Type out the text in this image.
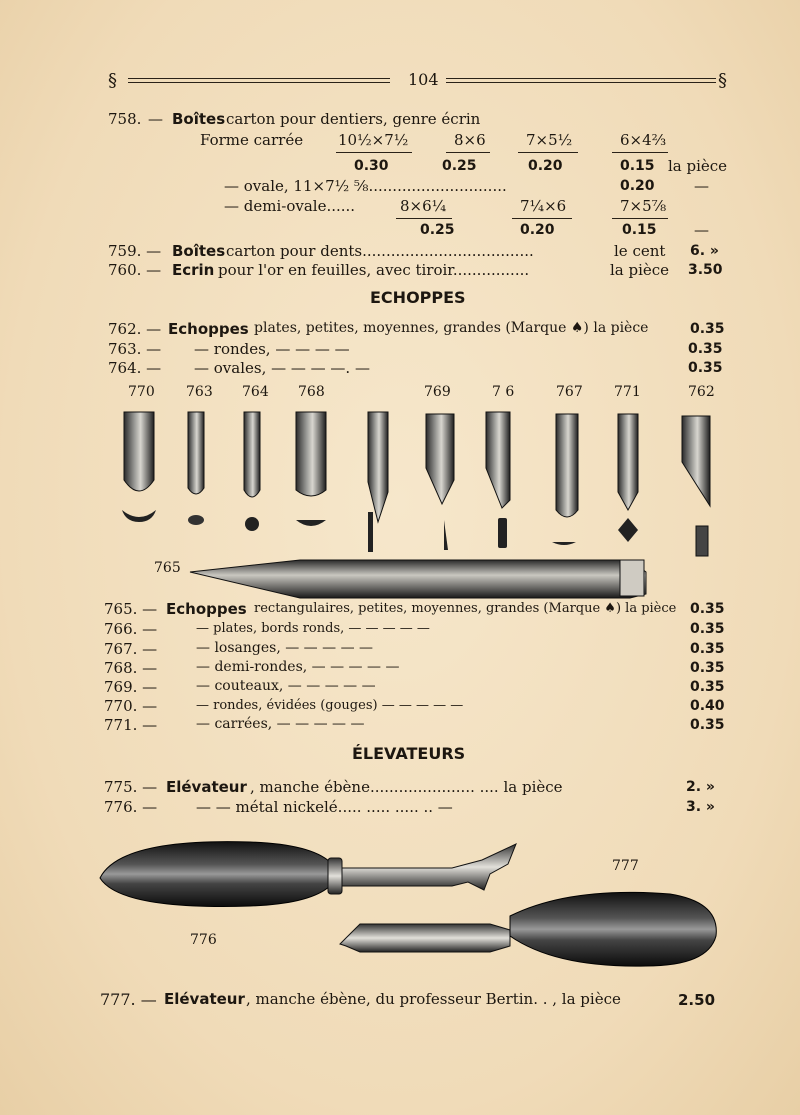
§	104	§
758. — Boîtes carton pour dentiers, genre écrin
Forme carrée 10½×7½	8×6	7×5½	6×4⅔
0.30	0.25	0.20	0.15 la pièce
— ovale, 11×7½ ⅝.............................	0.20	—
— demi-ovale......	8×6¼	7¼×6	7×5⅞
0.25	0.20	0.15 —
759. — Boîtes carton pour dents....................................	le cent 6. »
760. — Ecrin pour l'or en feuilles, avec tiroir................	la pièce 3.50
ECHOPPES
762. — Echoppes plates, petites, moyennes, grandes (Marque ♠) la pièce	0.35
763. — — rondes, — — — —	0.35
764. — — ovales, — — — —. —	0.35
770 763 764 768	769	7 6	767 771	762
765
765. — Echoppes rectangulaires, petites, moyennes, grandes (Marque ♠) la pièce 0.35
766. —	— plates, bords ronds, — — — — —	0.35
767. —	— losanges, — — — — —	0.35
768. —	— demi-rondes, — — — — —	0.35
769. —	— couteaux, — — — — —	0.35
770. —	— rondes, évidées (gouges) — — — — —	0.40
771. —	— carrées, — — — — —	0.35
ÉLEVATEURS
775. — Elévateur , manche ébène...................... .... la pièce	2. »
776. —	— — métal nickelé..... ..... ..... .. —	3. »
777
776
777. — Elévateur , manche ébène, du professeur Bertin. . , la pièce	2.50
